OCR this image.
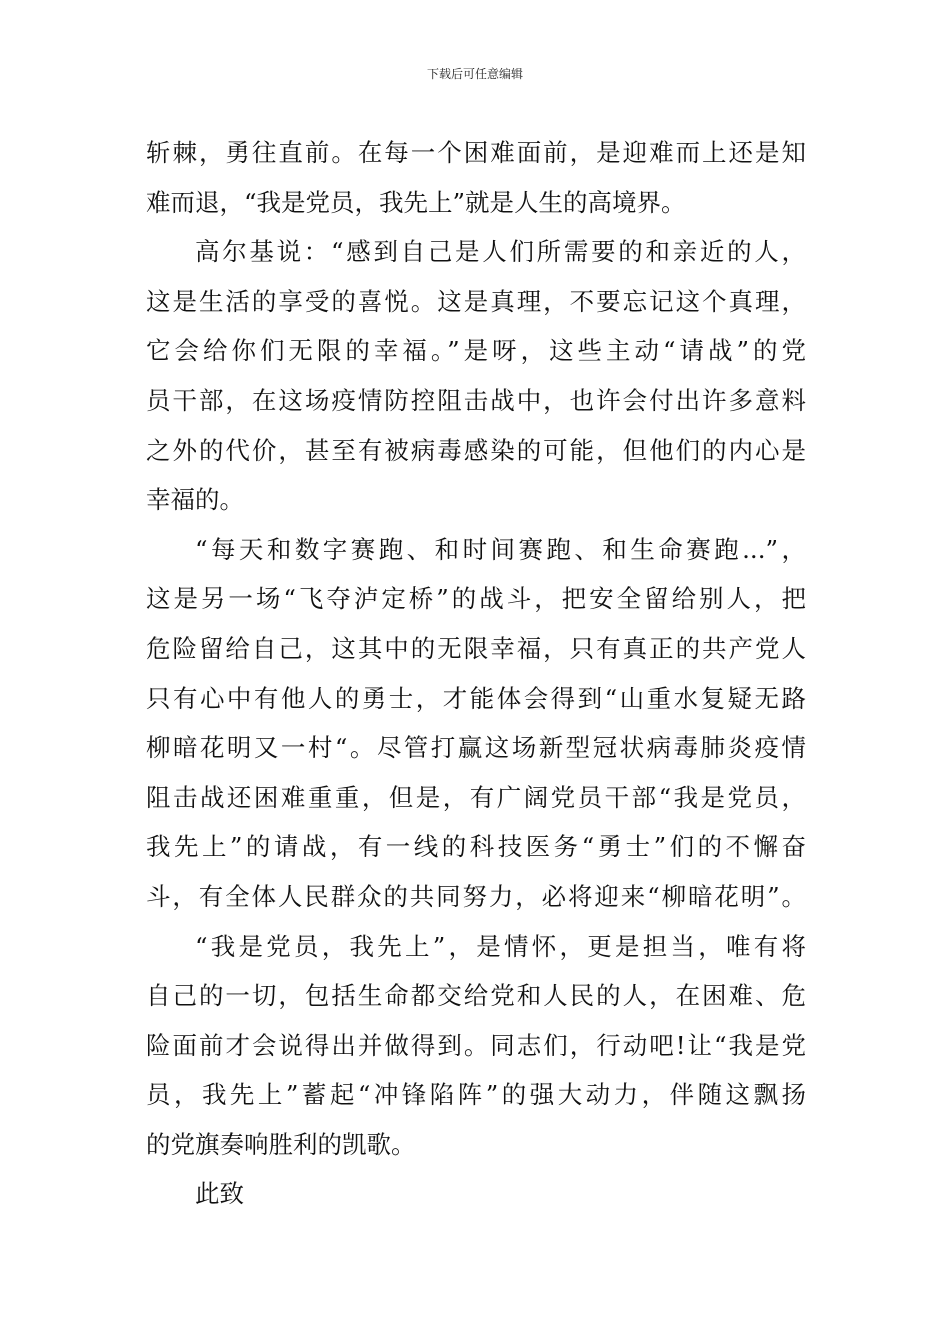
下载后可任意编辑
斩棘，勇往直前。在每一个困难面前，是迎难而上还是知
难而退，“我是党员，我先上”就是人生的高境界。
高尔基说：“感到自己是人们所需要的和亲近的人，
这是生活的享受的喜悦。这是真理，不要忘记这个真理，
它会给你们无限的幸福。”是呀，这些主动“请战”的党
员干部，在这场疫情防控阻击战中，也许会付出许多意料
之外的代价，甚至有被病毒感染的可能，但他们的内心是
幸福的。
“每天和数字赛跑、和时间赛跑、和生命赛跑...”，
这是另一场“飞夺泸定桥”的战斗，把安全留给别人，把
危险留给自己，这其中的无限幸福，只有真正的共产党人
只有心中有他人的勇士，才能体会得到“山重水复疑无路
柳暗花明又一村“。尽管打赢这场新型冠状病毒肺炎疫情
阻击战还困难重重，但是，有广阔党员干部“我是党员，
我先上”的请战，有一线的科技医务“勇士”们的不懈奋
斗，有全体人民群众的共同努力，必将迎来“柳暗花明”。
“我是党员，我先上”，是情怀，更是担当，唯有将
自己的一切，包括生命都交给党和人民的人，在困难、危
险面前才会说得出并做得到。同志们，行动吧!让“我是党
员，我先上”蓄起“冲锋陷阵”的强大动力，伴随这飘扬
的党旗奏响胜利的凯歌。
此致
